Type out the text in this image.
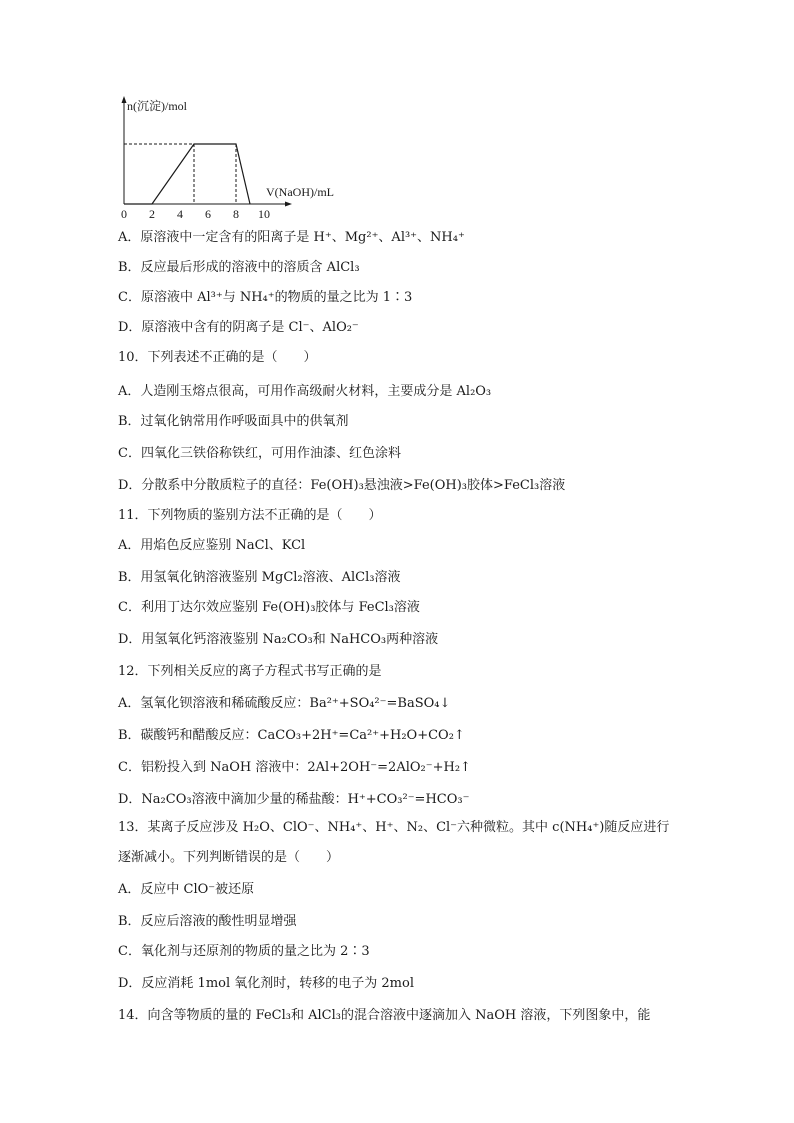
n(沉淀)/mol
V(NaOH)/mL
0 2 4 6 8 10
A．原溶液中一定含有的阳离子是 H⁺、Mg²⁺、Al³⁺、NH₄⁺
B．反应最后形成的溶液中的溶质含 AlCl₃
C．原溶液中 Al³⁺与 NH₄⁺的物质的量之比为 1∶3
D．原溶液中含有的阴离子是 Cl⁻、AlO₂⁻
10．下列表述不正确的是（　　）
A．人造刚玉熔点很高，可用作高级耐火材料，主要成分是 Al₂O₃
B．过氧化钠常用作呼吸面具中的供氧剂
C．四氧化三铁俗称铁红，可用作油漆、红色涂料
D．分散系中分散质粒子的直径：Fe(OH)₃悬浊液>Fe(OH)₃胶体>FeCl₃溶液
11．下列物质的鉴别方法不正确的是（　　）
A．用焰色反应鉴别 NaCl、KCl
B．用氢氧化钠溶液鉴别 MgCl₂溶液、AlCl₃溶液
C．利用丁达尔效应鉴别 Fe(OH)₃胶体与 FeCl₃溶液
D．用氢氧化钙溶液鉴别 Na₂CO₃和 NaHCO₃两种溶液
12．下列相关反应的离子方程式书写正确的是
A．氢氧化钡溶液和稀硫酸反应：Ba²⁺+SO₄²⁻=BaSO₄↓
B．碳酸钙和醋酸反应：CaCO₃+2H⁺=Ca²⁺+H₂O+CO₂↑
C．铝粉投入到 NaOH 溶液中：2Al+2OH⁻=2AlO₂⁻+H₂↑
D．Na₂CO₃溶液中滴加少量的稀盐酸：H⁺+CO₃²⁻=HCO₃⁻
13．某离子反应涉及 H₂O、ClO⁻、NH₄⁺、H⁺、N₂、Cl⁻六种微粒。其中 c(NH₄⁺)随反应进行
逐渐减小。下列判断错误的是（　　）
A．反应中 ClO⁻被还原
B．反应后溶液的酸性明显增强
C．氧化剂与还原剂的物质的量之比为 2∶3
D．反应消耗 1mol 氧化剂时，转移的电子为 2mol
14．向含等物质的量的 FeCl₃和 AlCl₃的混合溶液中逐滴加入 NaOH 溶液，下列图象中，能
